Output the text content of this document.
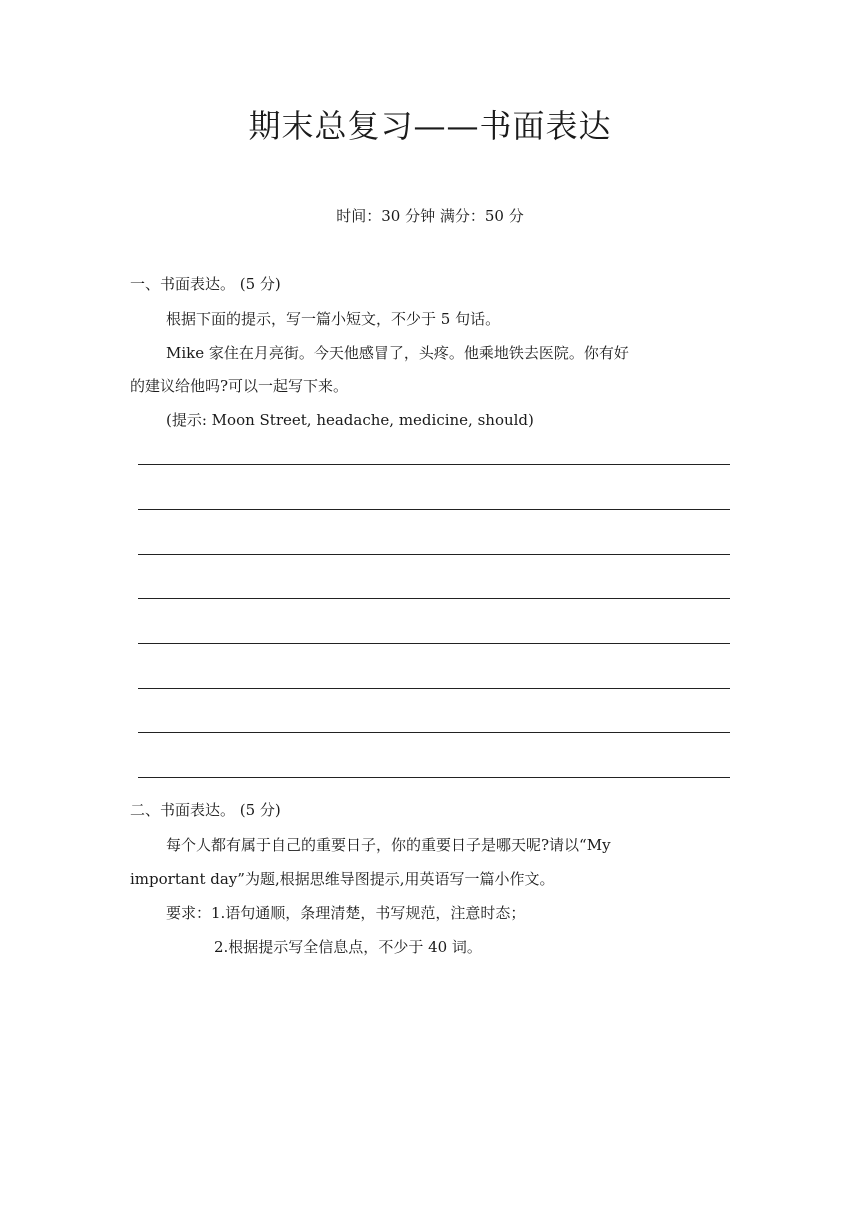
期末总复习——书面表达
时间：30 分钟 满分：50 分
一、书面表达。 (5 分)
根据下面的提示，写一篇小短文，不少于 5 句话。
Mike 家住在月亮街。今天他感冒了，头疼。他乘地铁去医院。你有好
的建议给他吗?可以一起写下来。
(提示: Moon Street, headache, medicine, should)
二、书面表达。 (5 分)
每个人都有属于自己的重要日子，你的重要日子是哪天呢?请以“My
important day”为题,根据思维导图提示,用英语写一篇小作文。
要求：1.语句通顺，条理清楚，书写规范，注意时态；
2.根据提示写全信息点，不少于 40 词。
